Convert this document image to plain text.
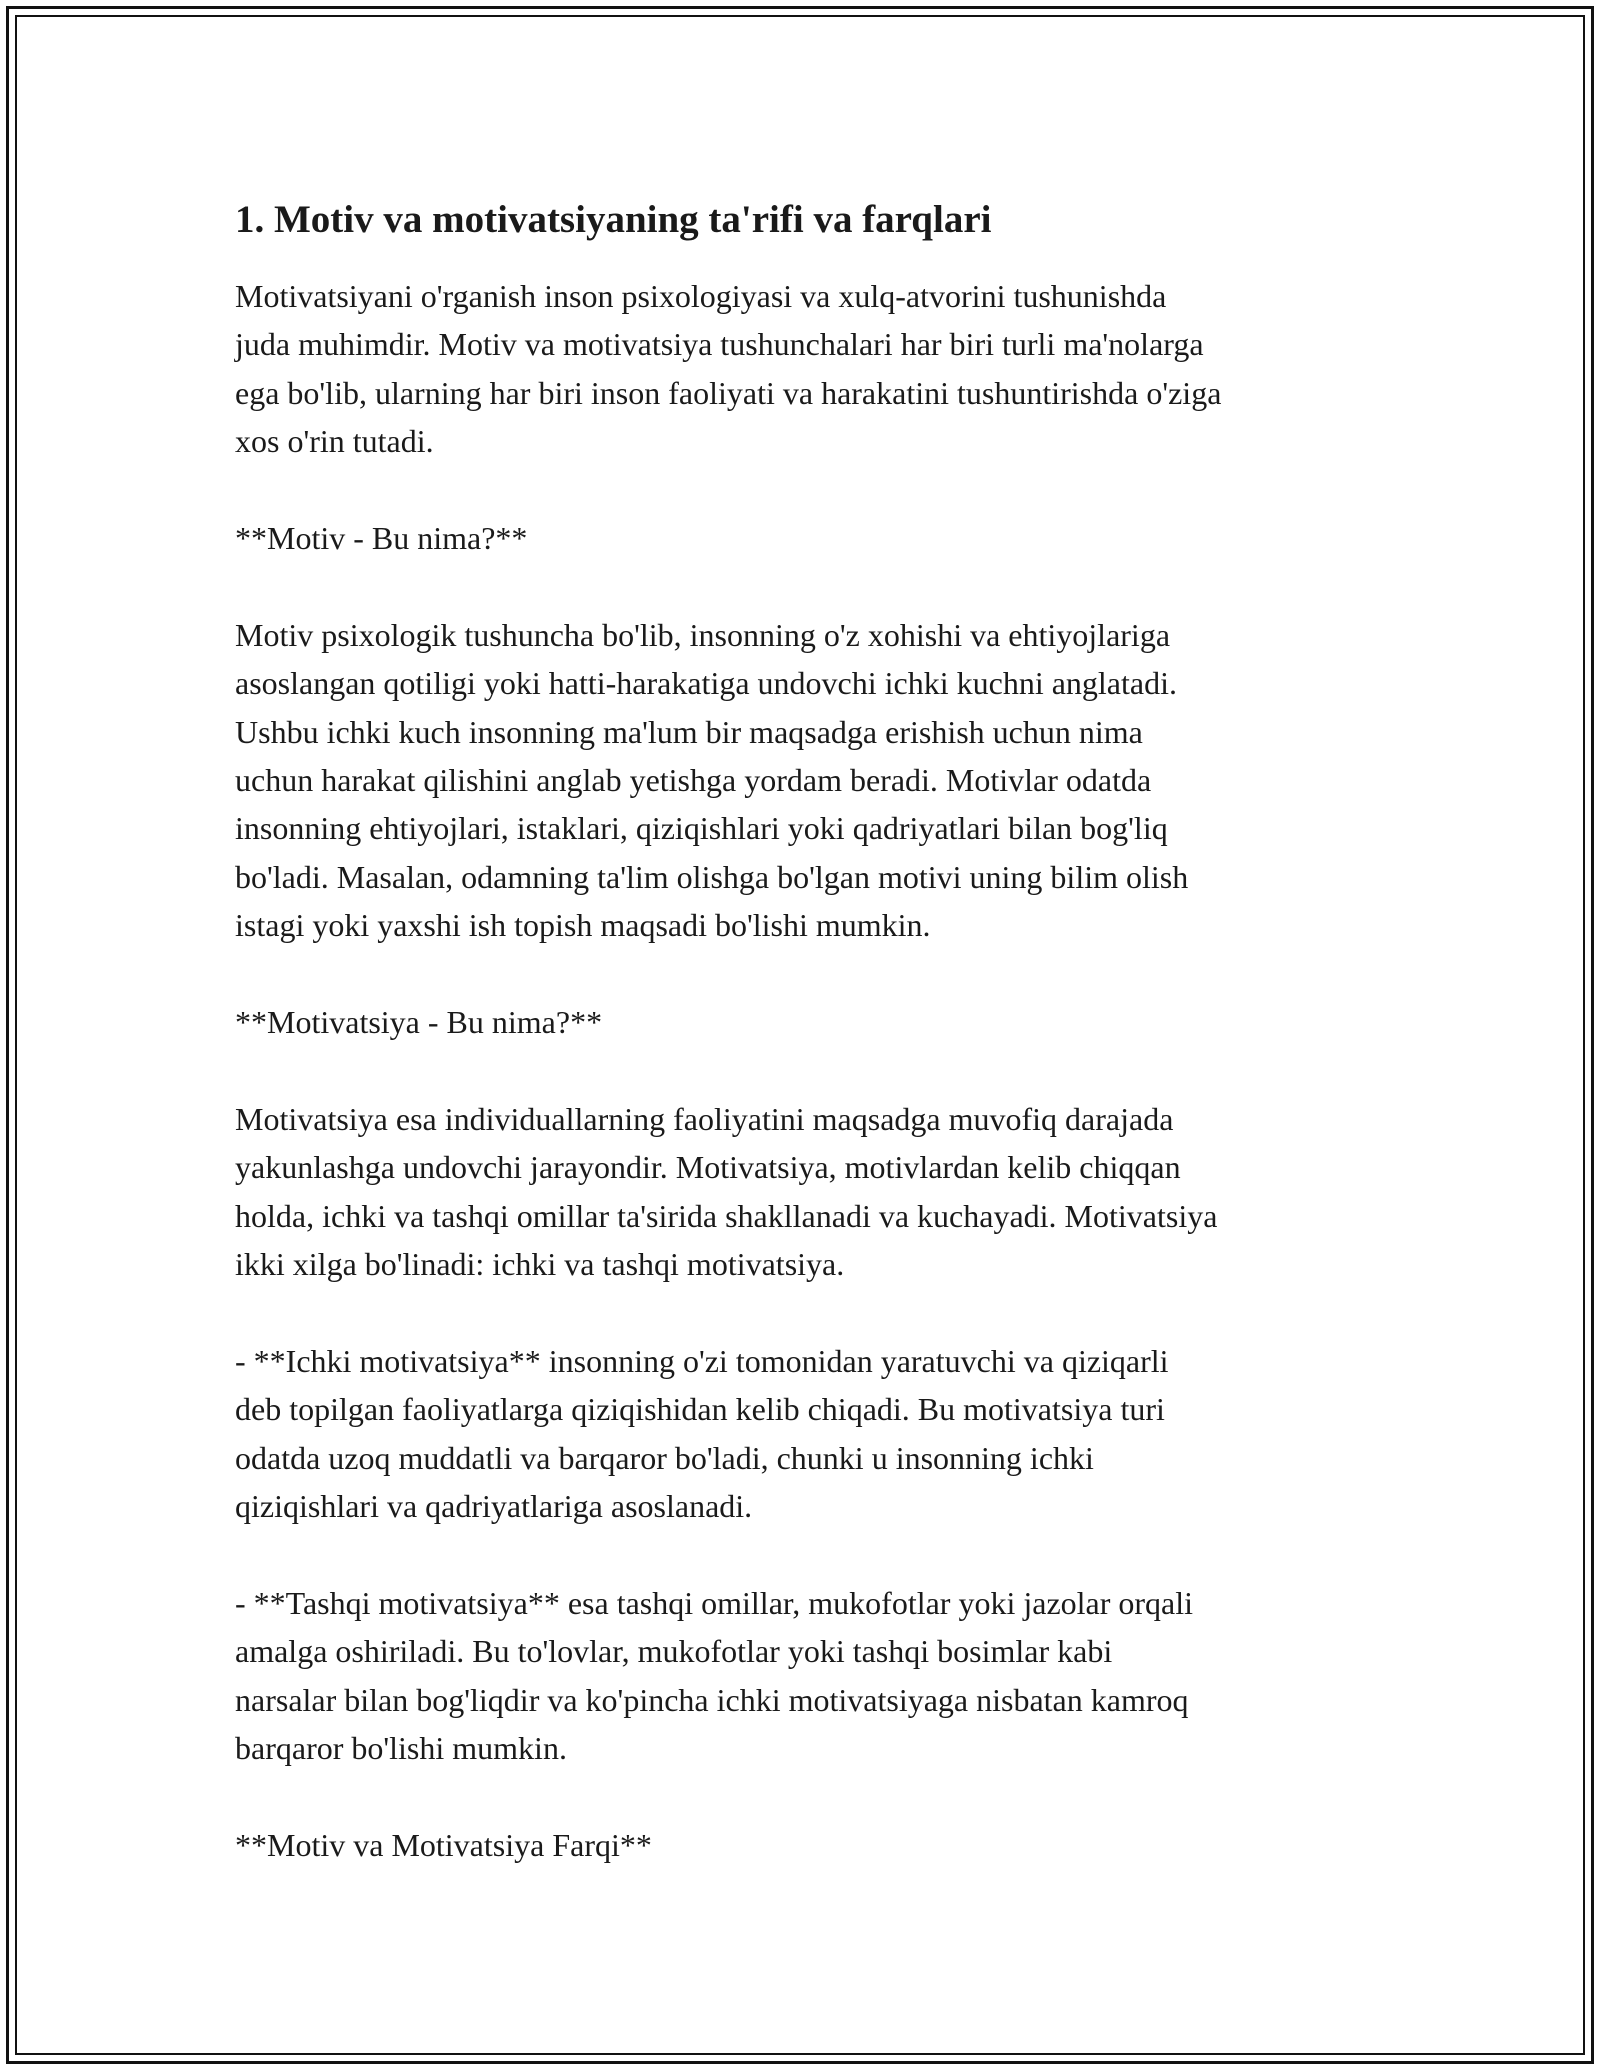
1. Motiv va motivatsiyaning ta'rifi va farqlari

Motivatsiyani o'rganish inson psixologiyasi va xulq-atvorini tushunishda
juda muhimdir. Motiv va motivatsiya tushunchalari har biri turli ma'nolarga
ega bo'lib, ularning har biri inson faoliyati va harakatini tushuntirishda o'ziga
xos o'rin tutadi.

**Motiv - Bu nima?**

Motiv psixologik tushuncha bo'lib, insonning o'z xohishi va ehtiyojlariga
asoslangan qotiligi yoki hatti-harakatiga undovchi ichki kuchni anglatadi.
Ushbu ichki kuch insonning ma'lum bir maqsadga erishish uchun nima
uchun harakat qilishini anglab yetishga yordam beradi. Motivlar odatda
insonning ehtiyojlari, istaklari, qiziqishlari yoki qadriyatlari bilan bog'liq
bo'ladi. Masalan, odamning ta'lim olishga bo'lgan motivi uning bilim olish
istagi yoki yaxshi ish topish maqsadi bo'lishi mumkin.

**Motivatsiya - Bu nima?**

Motivatsiya esa individuallarning faoliyatini maqsadga muvofiq darajada
yakunlashga undovchi jarayondir. Motivatsiya, motivlardan kelib chiqqan
holda, ichki va tashqi omillar ta'sirida shakllanadi va kuchayadi. Motivatsiya
ikki xilga bo'linadi: ichki va tashqi motivatsiya.

- **Ichki motivatsiya** insonning o'zi tomonidan yaratuvchi va qiziqarli
deb topilgan faoliyatlarga qiziqishidan kelib chiqadi. Bu motivatsiya turi
odatda uzoq muddatli va barqaror bo'ladi, chunki u insonning ichki
qiziqishlari va qadriyatlariga asoslanadi.

- **Tashqi motivatsiya** esa tashqi omillar, mukofotlar yoki jazolar orqali
amalga oshiriladi. Bu to'lovlar, mukofotlar yoki tashqi bosimlar kabi
narsalar bilan bog'liqdir va ko'pincha ichki motivatsiyaga nisbatan kamroq
barqaror bo'lishi mumkin.

**Motiv va Motivatsiya Farqi**
